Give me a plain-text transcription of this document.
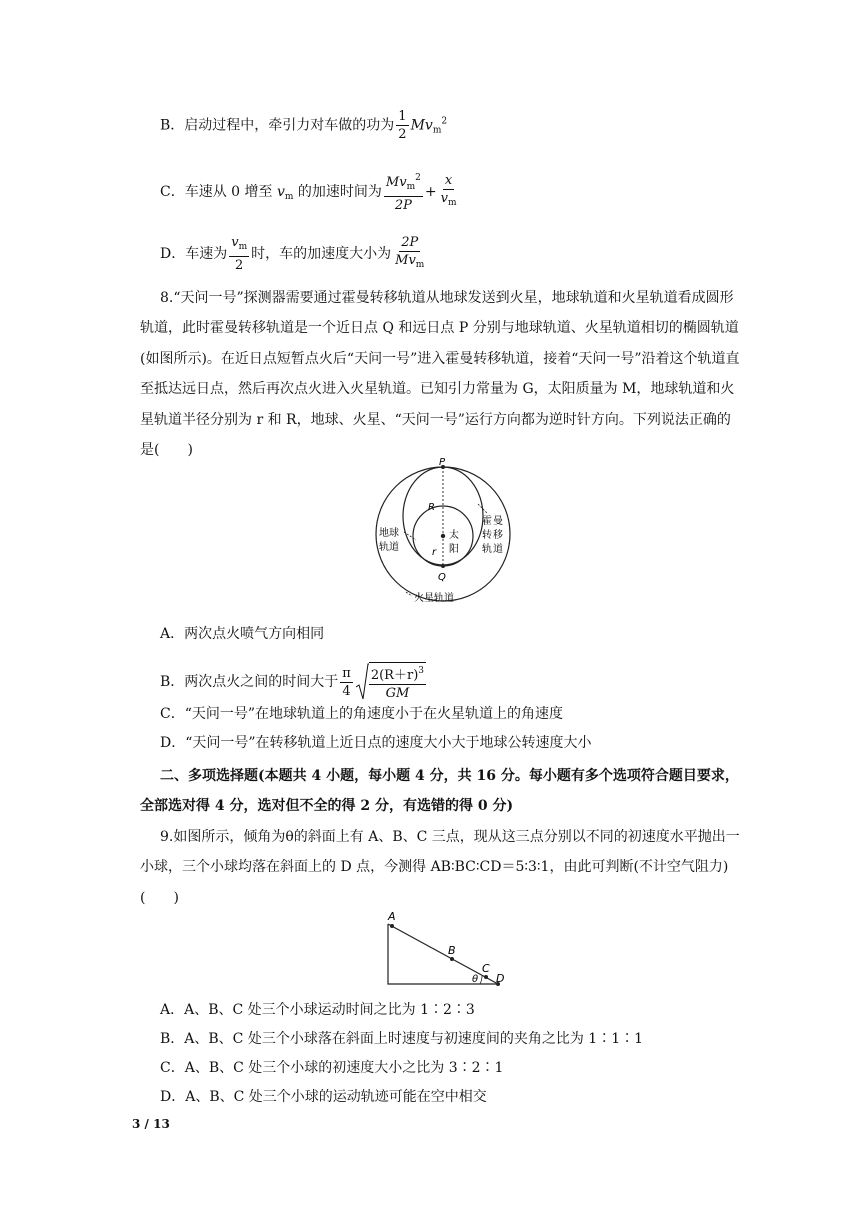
B．启动过程中，牵引力对车做的功为 $\frac{1}{2} Mv_m^2$
C．车速从 0 增至 $v_m$ 的加速时间为 $\frac{Mv_m^2}{2P} + \frac{x}{v_m}$
D．车速为 $\frac{v_m}{2}$ 时，车的加速度大小为 $\frac{2P}{Mv_m}$
8.“天问一号”探测器需要通过霍曼转移轨道从地球发送到火星，地球轨道和火星轨道看成圆形轨道，此时霍曼转移轨道是一个近日点 Q 和远日点 P 分别与地球轨道、火星轨道相切的椭圆轨道(如图所示)。在近日点短暂点火后“天问一号”进入霍曼转移轨道，接着“天问一号”沿着这个轨道直至抵达远日点，然后再次点火进入火星轨道。已知引力常量为 G，太阳质量为 M，地球轨道和火星轨道半径分别为 r 和 R，地球、火星、“天问一号”运行方向都为逆时针方向。下列说法正确的是(　　)
P
Q
R
r
太
阳
地球
轨道
霍 曼
转 移
轨 道
火星轨道
A．两次点火喷气方向相同
B．两次点火之间的时间大于 $\frac{\pi}{4} \frac{2(R+r)^3}{GM}$
C．“天问一号”在地球轨道上的角速度小于在火星轨道上的角速度
D．“天问一号”在转移轨道上近日点的速度大小大于地球公转速度大小
二、多项选择题(本题共 4 小题，每小题 4 分，共 16 分。每小题有多个选项符合题目要求，全部选对得 4 分，选对但不全的得 2 分，有选错的得 0 分)
9.如图所示，倾角为θ的斜面上有 A、B、C 三点，现从这三点分别以不同的初速度水平抛出一小球，三个小球均落在斜面上的 D 点，今测得 AB∶BC∶CD＝5∶3∶1，由此可判断(不计空气阻力)(　　)
A
B
C
D
θ
A．A、B、C 处三个小球运动时间之比为 1∶2∶3
B．A、B、C 处三个小球落在斜面上时速度与初速度间的夹角之比为 1∶1∶1
C．A、B、C 处三个小球的初速度大小之比为 3∶2∶1
D．A、B、C 处三个小球的运动轨迹可能在空中相交
3 / 13
